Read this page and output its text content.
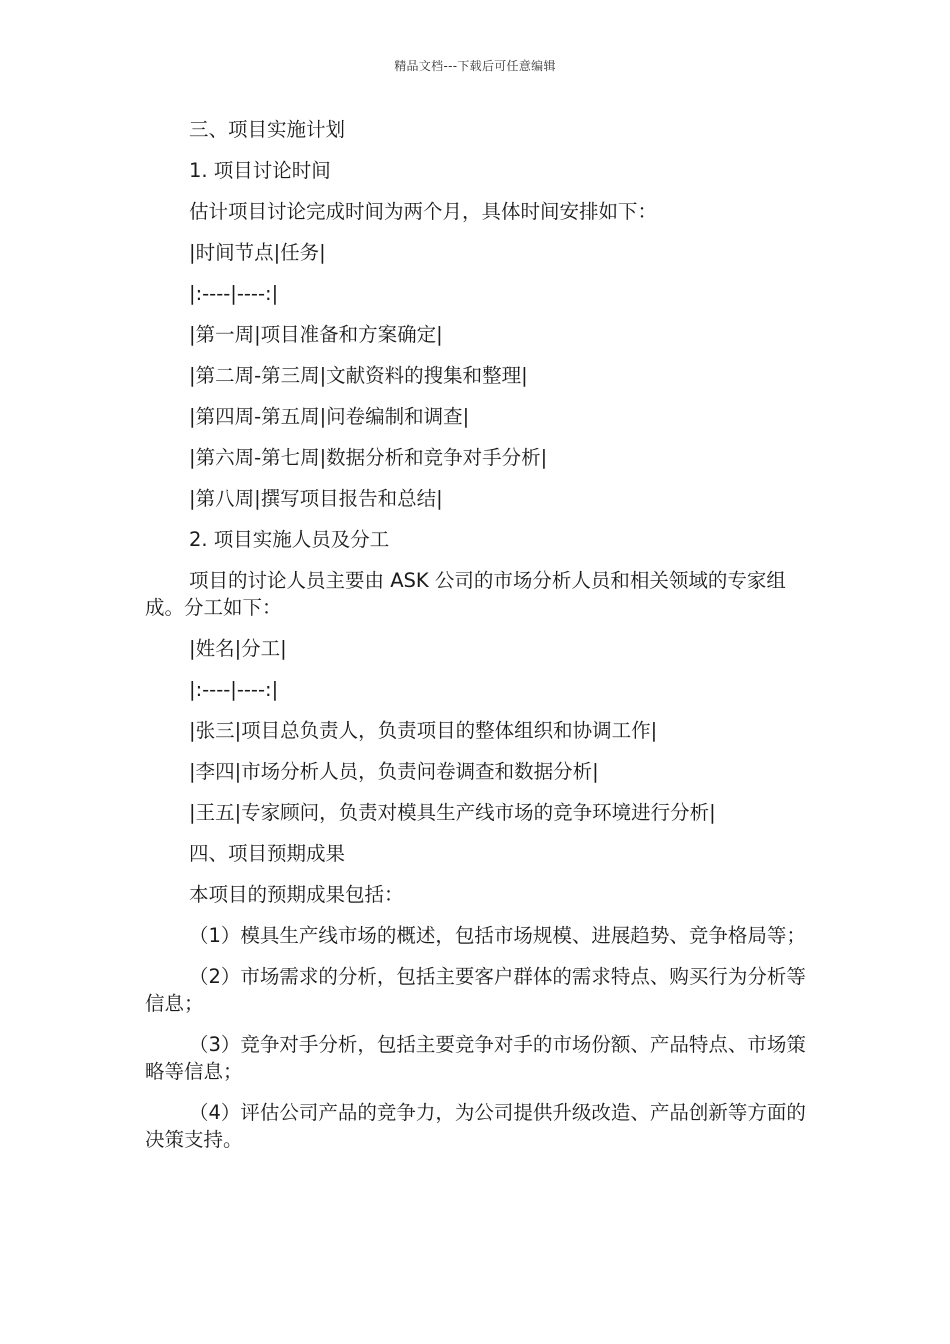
精品文档---下载后可任意编辑

三、项目实施计划

1. 项目讨论时间

估计项目讨论完成时间为两个月，具体时间安排如下：

|时间节点|任务|

|:----|----:|

|第一周|项目准备和方案确定|

|第二周-第三周|文献资料的搜集和整理|

|第四周-第五周|问卷编制和调查|

|第六周-第七周|数据分析和竞争对手分析|

|第八周|撰写项目报告和总结|

2. 项目实施人员及分工

项目的讨论人员主要由 ASK 公司的市场分析人员和相关领域的专家组成。分工如下：

|姓名|分工|

|:----|----:|

|张三|项目总负责人，负责项目的整体组织和协调工作|

|李四|市场分析人员，负责问卷调查和数据分析|

|王五|专家顾问，负责对模具生产线市场的竞争环境进行分析|

四、项目预期成果

本项目的预期成果包括：

（1）模具生产线市场的概述，包括市场规模、进展趋势、竞争格局等；

（2）市场需求的分析，包括主要客户群体的需求特点、购买行为分析等信息；

（3）竞争对手分析，包括主要竞争对手的市场份额、产品特点、市场策略等信息；

（4）评估公司产品的竞争力，为公司提供升级改造、产品创新等方面的决策支持。
